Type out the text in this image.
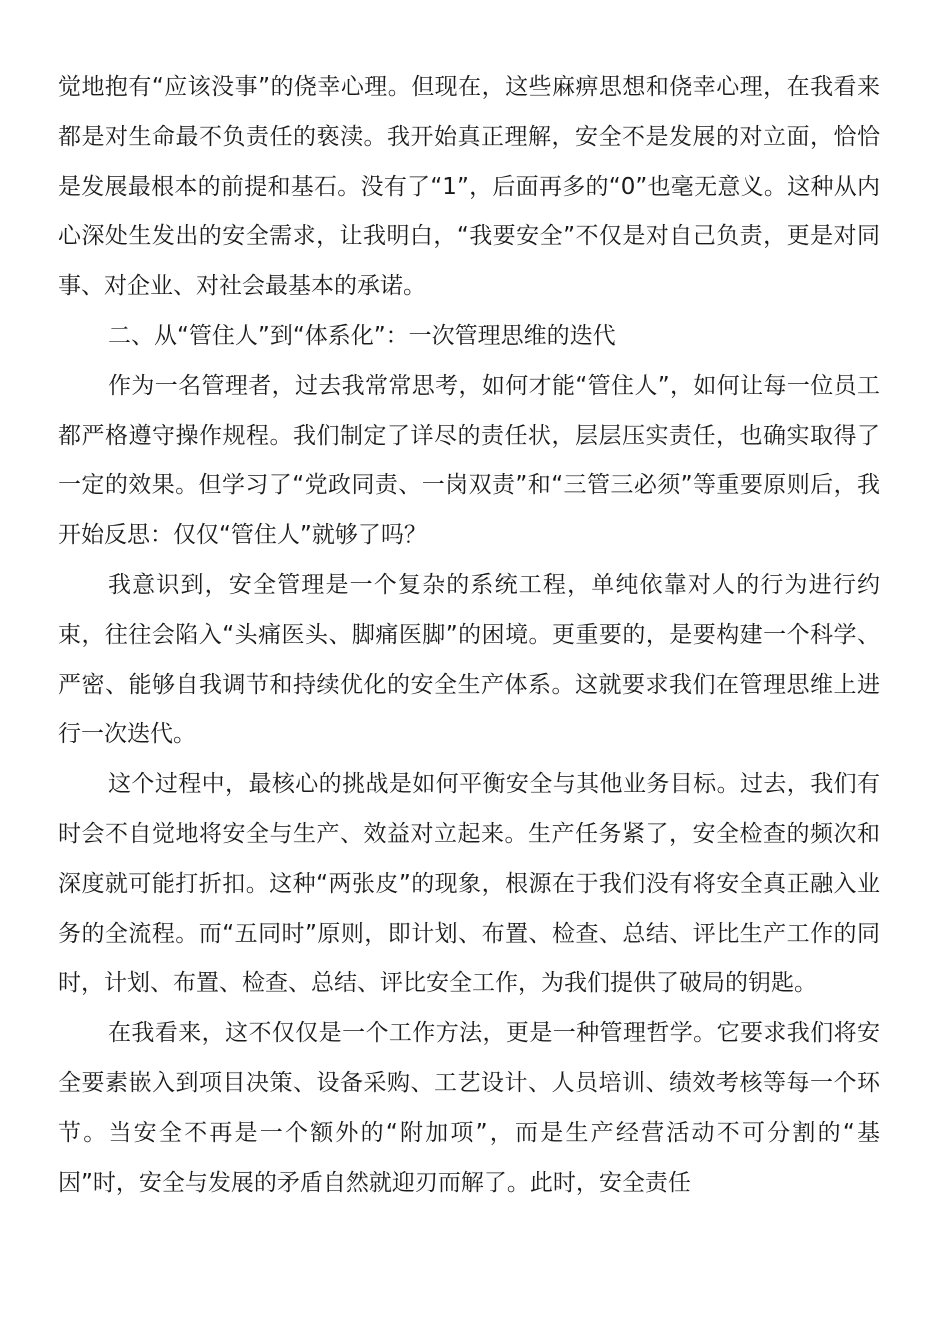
觉地抱有“应该没事”的侥幸心理。但现在，这些麻痹思想和侥幸心理，在我看来都是对生命最不负责任的亵渎。我开始真正理解，安全不是发展的对立面，恰恰是发展最根本的前提和基石。没有了“1”，后面再多的“0”也毫无意义。这种从内心深处生发出的安全需求，让我明白，“我要安全”不仅是对自己负责，更是对同事、对企业、对社会最基本的承诺。

二、从“管住人”到“体系化”：一次管理思维的迭代

作为一名管理者，过去我常常思考，如何才能“管住人”，如何让每一位员工都严格遵守操作规程。我们制定了详尽的责任状，层层压实责任，也确实取得了一定的效果。但学习了“党政同责、一岗双责”和“三管三必须”等重要原则后，我开始反思：仅仅“管住人”就够了吗？

我意识到，安全管理是一个复杂的系统工程，单纯依靠对人的行为进行约束，往往会陷入“头痛医头、脚痛医脚”的困境。更重要的，是要构建一个科学、严密、能够自我调节和持续优化的安全生产体系。这就要求我们在管理思维上进行一次迭代。

这个过程中，最核心的挑战是如何平衡安全与其他业务目标。过去，我们有时会不自觉地将安全与生产、效益对立起来。生产任务紧了，安全检查的频次和深度就可能打折扣。这种“两张皮”的现象，根源在于我们没有将安全真正融入业务的全流程。而“五同时”原则，即计划、布置、检查、总结、评比生产工作的同时，计划、布置、检查、总结、评比安全工作，为我们提供了破局的钥匙。

在我看来，这不仅仅是一个工作方法，更是一种管理哲学。它要求我们将安全要素嵌入到项目决策、设备采购、工艺设计、人员培训、绩效考核等每一个环节。当安全不再是一个额外的“附加项”，而是生产经营活动不可分割的“基因”时，安全与发展的矛盾自然就迎刃而解了。此时，安全责任
